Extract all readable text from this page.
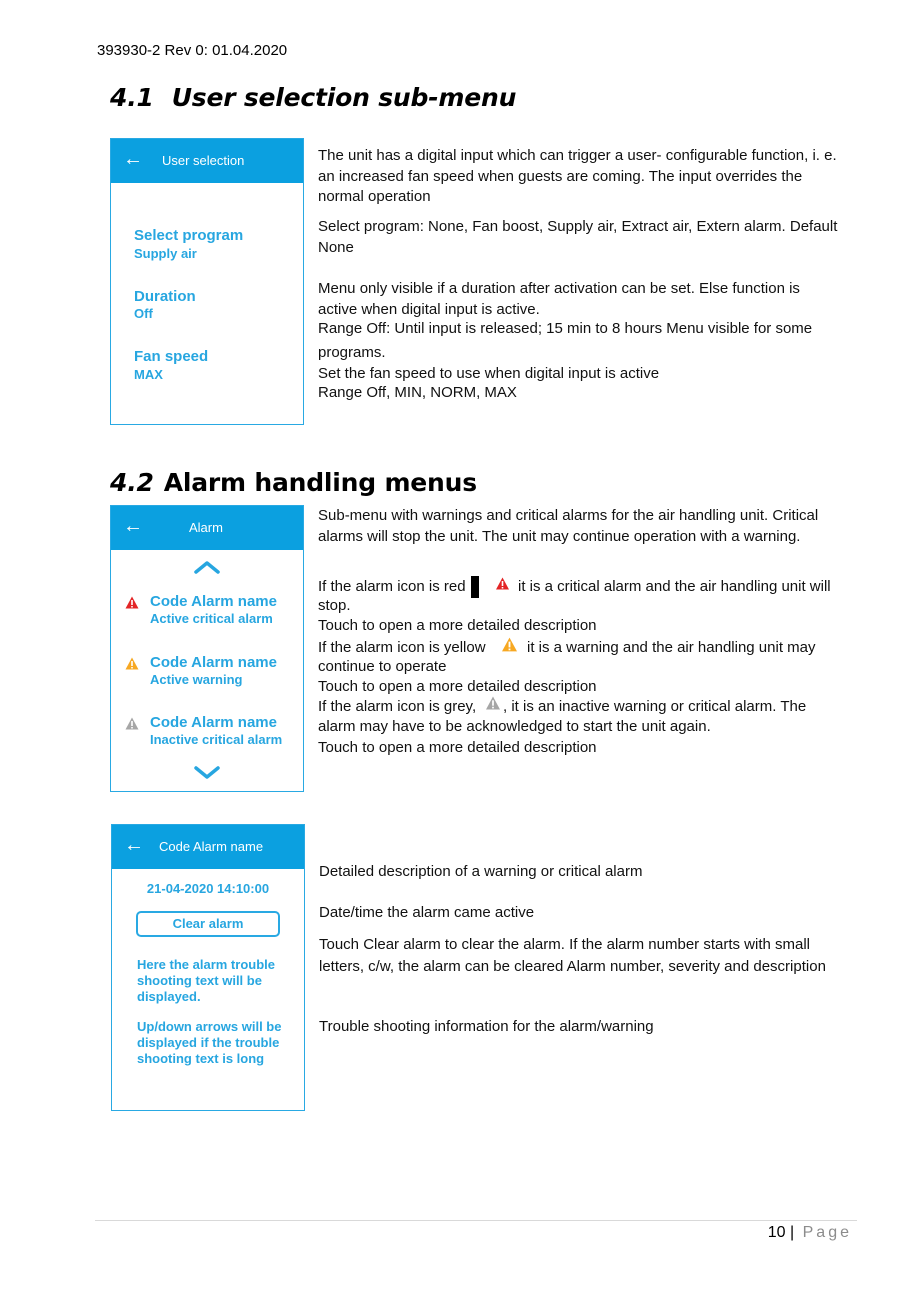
393930-2 Rev 0: 01.04.2020
4.1 User selection sub-menu
← User selection
Select program
Supply air
Duration
Off
Fan speed
MAX
The unit has a digital input which can trigger a user- configurable function, i. e. an increased fan speed when guests are coming. The input overrides the normal operation
Select program: None, Fan boost, Supply air, Extract air, Extern alarm. Default None
Menu only visible if a duration after activation can be set. Else function is active when digital input is active.
Range Off: Until input is released; 15 min to 8 hours Menu visible for some
programs.
Set the fan speed to use when digital input is active
Range Off, MIN, NORM, MAX
4.2 Alarm handling menus
←	Alarm
Code Alarm name
Active critical alarm
Code Alarm name
Active warning
Code Alarm name
Inactive critical alarm
Sub-menu with warnings and critical alarms for the air handling unit. Critical alarms will stop the unit. The unit may continue operation with a warning.
If the alarm icon is red	it is a critical alarm and the air handling unit will
stop.
Touch to open a more detailed description
If the alarm icon is yellow	it is a warning and the air handling unit may
continue to operate
Touch to open a more detailed description
If the alarm icon is grey, , it is an inactive warning or critical alarm. The
alarm may have to be acknowledged to start the unit again.
Touch to open a more detailed description
← Code Alarm name
21-04-2020 14:10:00
Clear alarm
Here the alarm trouble shooting text will be displayed.
Up/down arrows will be displayed if the trouble shooting text is long
Detailed description of a warning or critical alarm
Date/time the alarm came active
Touch Clear alarm to clear the alarm. If the alarm number starts with small letters, c/w, the alarm can be cleared Alarm number, severity and description
Trouble shooting information for the alarm/warning
10 | Page
